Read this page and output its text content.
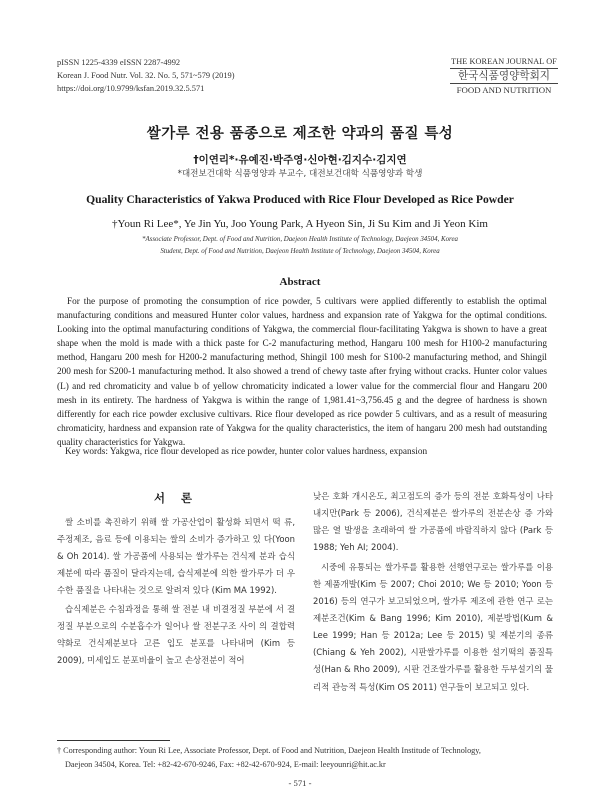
pISSN 1225-4339 eISSN 2287-4992
Korean J. Food Nutr. Vol. 32. No. 5, 571~579 (2019)
https://doi.org/10.9799/ksfan.2019.32.5.571
THE KOREAN JOURNAL OF
한국식품영양학회지
FOOD AND NUTRITION
쌀가루 전용 품종으로 제조한 약과의 품질 특성
†이연리*·유예진·박주영·신아현·김지수·김지연
*대전보건대학 식품영양과 부교수, 대전보건대학 식품영양과 학생
Quality Characteristics of Yakwa Produced with Rice Flour Developed as Rice Powder
†Youn Ri Lee*, Ye Jin Yu, Joo Young Park, A Hyeon Sin, Ji Su Kim and Ji Yeon Kim
*Associate Professor, Dept. of Food and Nutrition, Daejeon Health Institute of Technology, Daejeon 34504, Korea
Student, Dept. of Food and Nutrition, Daejeon Health Institute of Technology, Daejeon 34504, Korea
Abstract

For the purpose of promoting the consumption of rice powder, 5 cultivars were applied differently to establish the optimal manufacturing conditions and measured Hunter color values, hardness and expansion rate of Yakgwa for the optimal conditions. Looking into the optimal manufacturing conditions of Yakgwa, the commercial flour-facilitating Yakgwa is shown to have a great shape when the mold is made with a thick paste for C-2 manufacturing method, Hangaru 100 mesh for H100-2 manufacturing method, Hangaru 200 mesh for H200-2 manufacturing method, Shingil 100 mesh for S100-2 manufacturing method, and Shingil 200 mesh for S200-1 manufacturing method. It also showed a trend of chewy taste after frying without cracks. Hunter color values (L) and red chromaticity and value b of yellow chromaticity indicated a lower value for the commercial flour and Hangaru 200 mesh in its entirety. The hardness of Yakgwa is within the range of 1,981.41~3,756.45 g and the degree of hardness is shown differently for each rice powder exclusive cultivars. Rice flour developed as rice powder 5 cultivars, and as a result of measuring chromaticity, hardness and expansion rate of Yakgwa for the quality characteristics, the item of hangaru 200 mesh had outstanding quality characteristics for Yakgwa.

Key words: Yakgwa, rice flour developed as rice powder, hunter color values hardness, expansion
서 론

쌀 소비를 촉진하기 위해 쌀 가공산업이 활성화 되면서 떡 류, 주정제조, 음료 등에 이용되는 쌀의 소비가 증가하고 있 다(Yoon & Oh 2014). 쌀 가공품에 사용되는 쌀가루는 건식제 분과 습식제분에 따라 품질이 달라지는데, 습식제분에 의한 쌀가루가 더 우수한 품질을 나타내는 것으로 알려져 있다 (Kim MA 1992).

습식제분은 수침과정을 통해 쌀 전분 내 비결정질 부분에 서 결정질 부분으로의 수분흡수가 일어나 쌀 전분구조 사이 의 결합력 약화로 건식제분보다 고른 입도 분포를 나타내며 (Kim 등 2009), 미세입도 분포비율이 높고 손상전분이 적어

낮은 호화 개시온도, 최고점도의 증가 등의 전분 호화특성이 나타내지만(Park 등 2006), 건식제분은 쌀가루의 전분손상 증 가와 많은 열 발생을 초래하여 쌀 가공품에 바람직하지 않다 (Park 등 1988; Yeh AI; 2004).

시중에 유통되는 쌀가루를 활용한 선행연구로는 쌀가루를 이용한 제품개발(Kim 등 2007; Choi 2010; We 등 2010; Yoon 등 2016) 등의 연구가 보고되었으며, 쌀가루 제조에 관한 연구 로는 제분조건(Kim & Bang 1996; Kim 2010), 제분방법(Kum & Lee 1999; Han 등 2012a; Lee 등 2015) 및 제분기의 종류 (Chiang & Yeh 2002), 시판쌀가루를 이용한 설기떡의 품질특 성(Han & Rho 2009), 시판 건조쌀가루를 활용한 두부설기의 물리적 관능적 특성(Kim OS 2011) 연구들이 보고되고 있다.

† Corresponding author: Youn Ri Lee, Associate Professor, Dept. of Food and Nutrition, Daejeon Health Institude of Technology,
Daejeon 34504, Korea. Tel: +82-42-670-9246, Fax: +82-42-670-924, E-mail: leeyounri@hit.ac.kr
- 571 -
